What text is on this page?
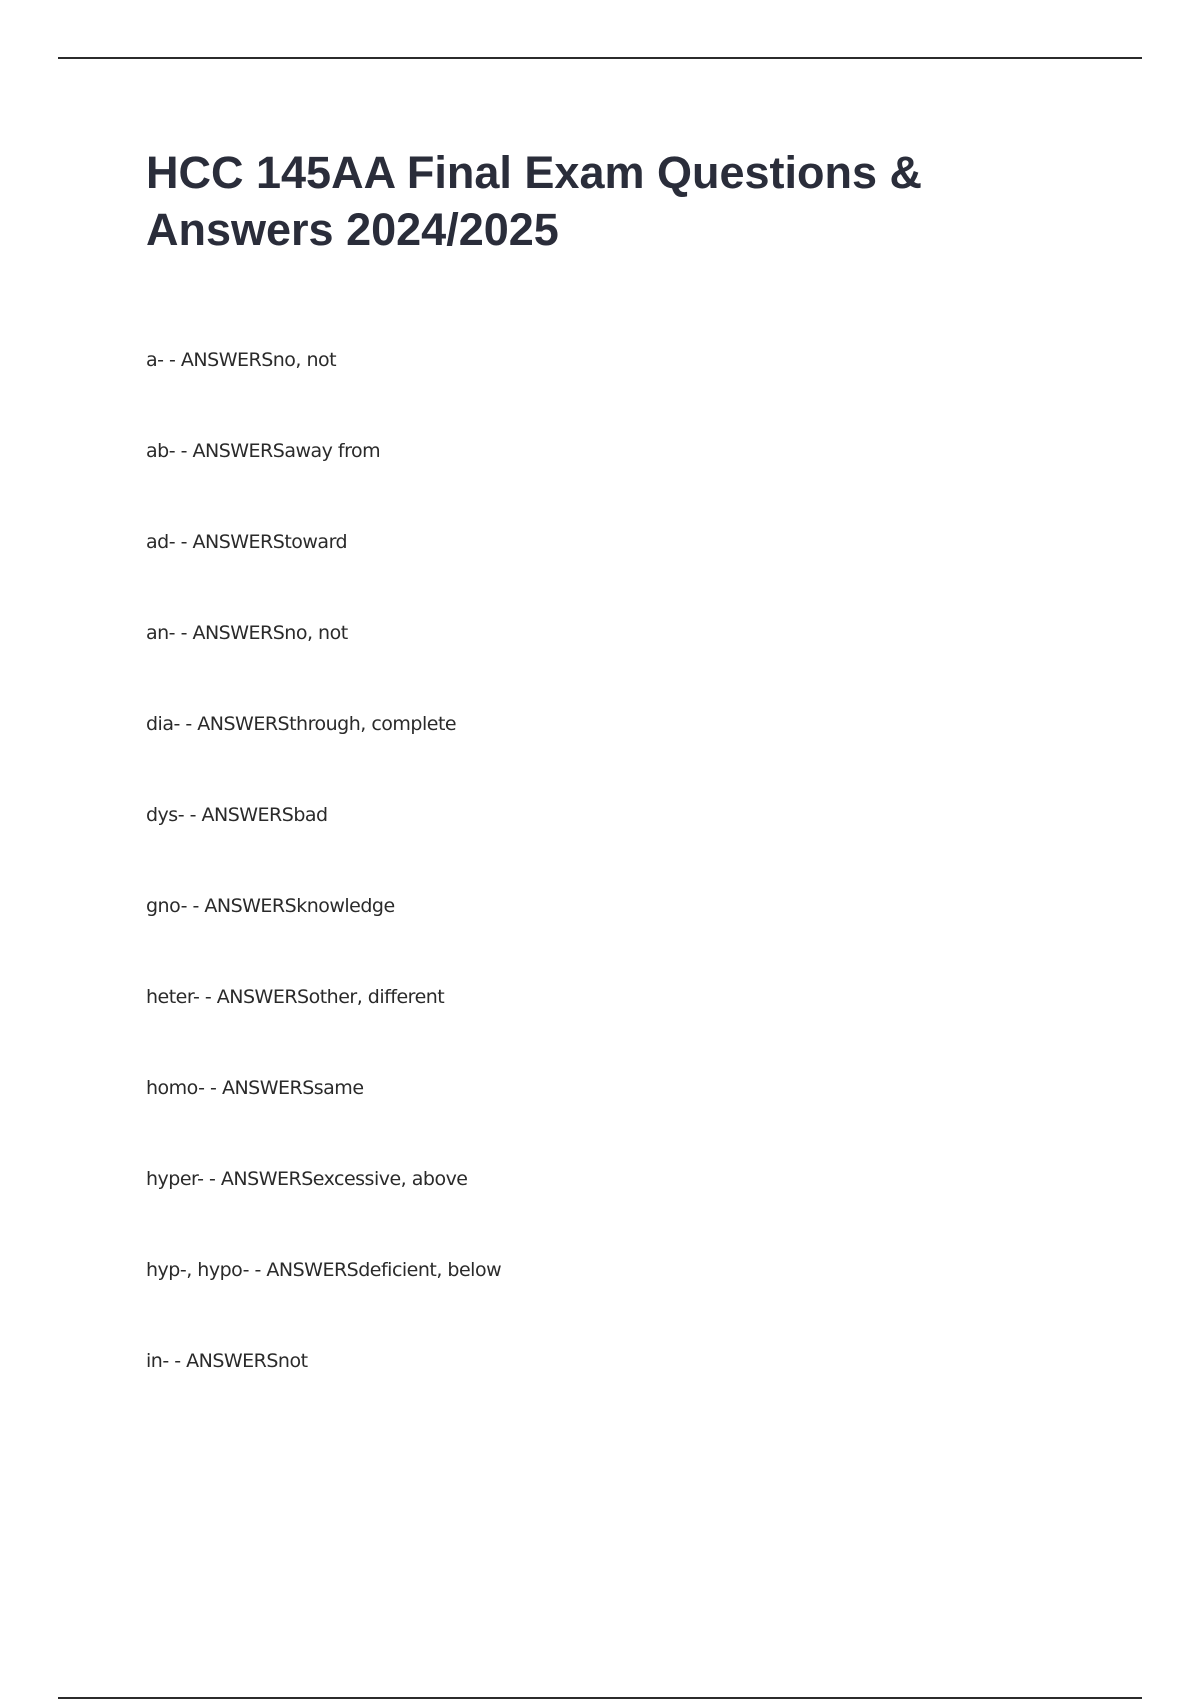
HCC 145AA Final Exam Questions & Answers 2024/2025
a- - ANSWERSno, not
ab- - ANSWERSaway from
ad- - ANSWERStoward
an- - ANSWERSno, not
dia- - ANSWERSthrough, complete
dys- - ANSWERSbad
gno- - ANSWERSknowledge
heter- - ANSWERSother, different
homo- - ANSWERSsame
hyper- - ANSWERSexcessive, above
hyp-, hypo- - ANSWERSdeficient, below
in- - ANSWERSnot
